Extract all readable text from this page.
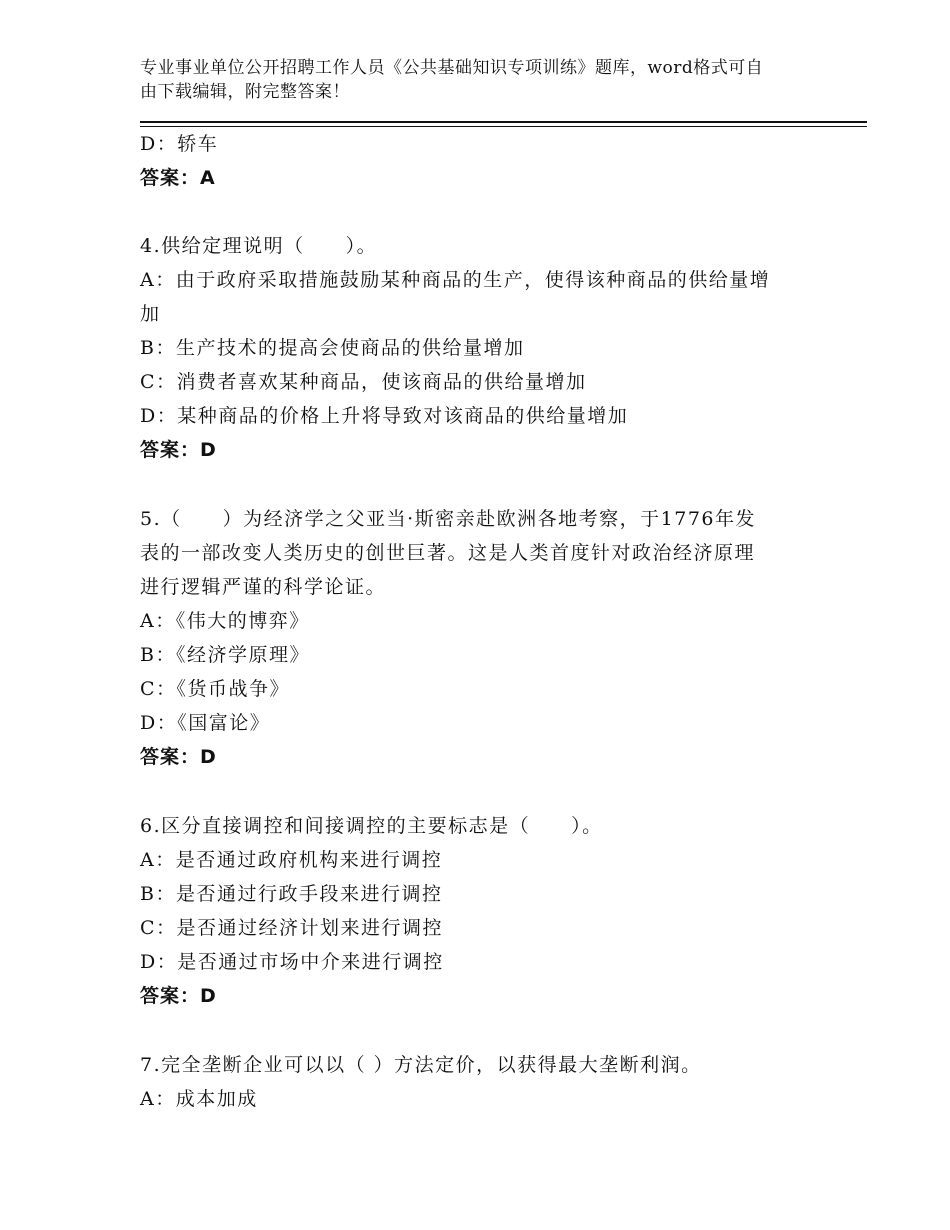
专业事业单位公开招聘工作人员《公共基础知识专项训练》题库，word格式可自
由下载编辑，附完整答案！
D：轿车
答案：A
4.供给定理说明（　　）。
A：由于政府采取措施鼓励某种商品的生产，使得该种商品的供给量增
加
B：生产技术的提高会使商品的供给量增加
C：消费者喜欢某种商品，使该商品的供给量增加
D：某种商品的价格上升将导致对该商品的供给量增加
答案：D
5.（　　）为经济学之父亚当·斯密亲赴欧洲各地考察，于1776年发
表的一部改变人类历史的创世巨著。这是人类首度针对政治经济原理
进行逻辑严谨的科学论证。
A：《伟大的博弈》
B：《经济学原理》
C：《货币战争》
D：《国富论》
答案：D
6.区分直接调控和间接调控的主要标志是（　　）。
A：是否通过政府机构来进行调控
B：是否通过行政手段来进行调控
C：是否通过经济计划来进行调控
D：是否通过市场中介来进行调控
答案：D
7.完全垄断企业可以以（ ）方法定价，以获得最大垄断利润。
A：成本加成
